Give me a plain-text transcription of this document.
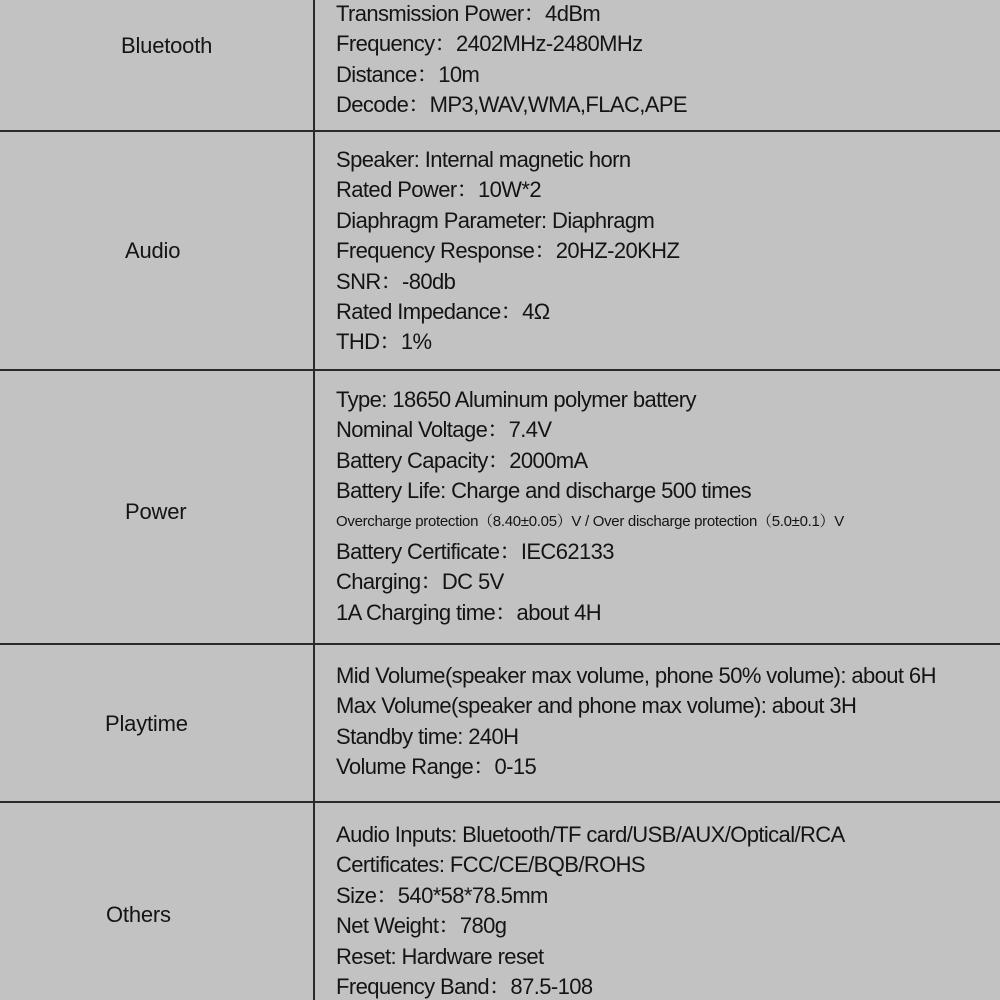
Bluetooth
Transmission Power：4dBm
Frequency：2402MHz-2480MHz
Distance：10m
Decode：MP3,WAV,WMA,FLAC,APE
Audio
Speaker: Internal magnetic horn
Rated Power：10W*2
Diaphragm Parameter: Diaphragm
Frequency Response：20HZ-20KHZ
SNR：-80db
Rated Impedance：4Ω
THD：1%
Power
Type: 18650 Aluminum polymer battery
Nominal Voltage：7.4V
Battery Capacity：2000mA
Battery Life: Charge and discharge 500 times
Overcharge protection（8.40±0.05）V / Over discharge protection（5.0±0.1）V
Battery Certificate：IEC62133
Charging：DC 5V
1A Charging time：about 4H
Playtime
Mid Volume(speaker max volume, phone 50% volume): about 6H
Max Volume(speaker and phone max volume): about 3H
Standby time: 240H
Volume Range：0-15
Others
Audio Inputs: Bluetooth/TF card/USB/AUX/Optical/RCA
Certificates: FCC/CE/BQB/ROHS
Size：540*58*78.5mm
Net Weight：780g
Reset: Hardware reset
Frequency Band：87.5-108
